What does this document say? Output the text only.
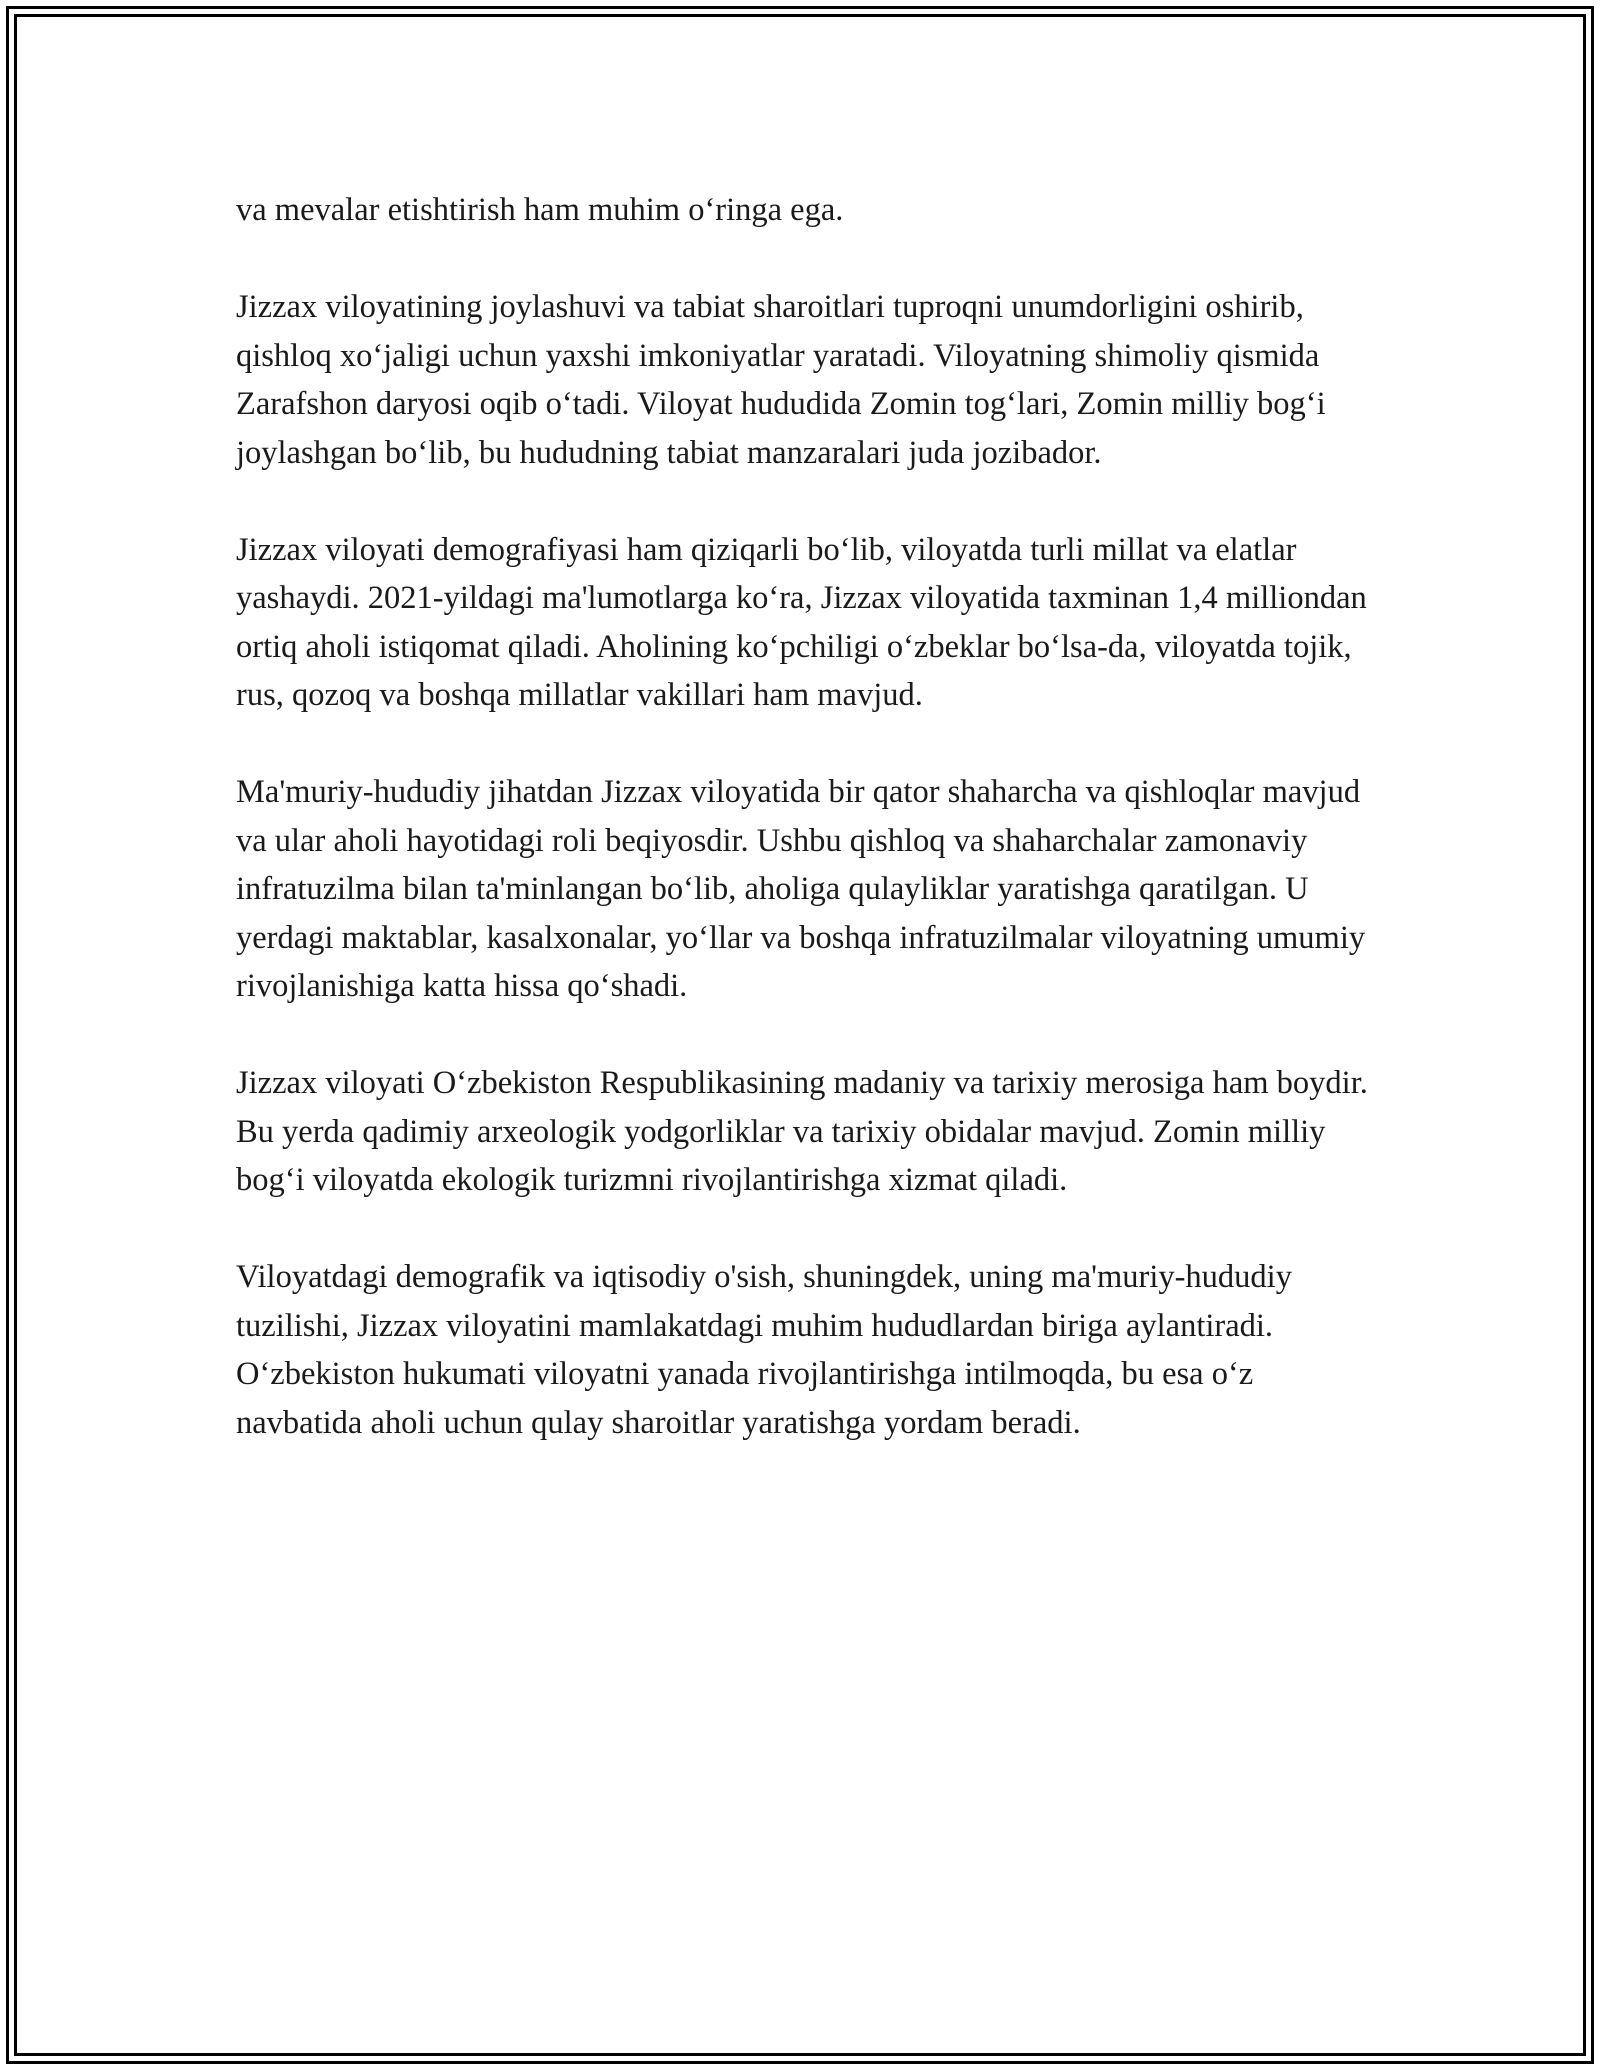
va mevalar etishtirish ham muhim o‘ringa ega.

Jizzax viloyatining joylashuvi va tabiat sharoitlari tuproqni unumdorligini oshirib, qishloq xo‘jaligi uchun yaxshi imkoniyatlar yaratadi. Viloyatning shimoliy qismida Zarafshon daryosi oqib o‘tadi. Viloyat hududida Zomin tog‘lari, Zomin milliy bog‘i joylashgan bo‘lib, bu hududning tabiat manzaralari juda jozibador.

Jizzax viloyati demografiyasi ham qiziqarli bo‘lib, viloyatda turli millat va elatlar yashaydi. 2021-yildagi ma'lumotlarga ko‘ra, Jizzax viloyatida taxminan 1,4 milliondan ortiq aholi istiqomat qiladi. Aholining ko‘pchiligi o‘zbeklar bo‘lsa-da, viloyatda tojik, rus, qozoq va boshqa millatlar vakillari ham mavjud.

Ma'muriy-hududiy jihatdan Jizzax viloyatida bir qator shaharcha va qishloqlar mavjud va ular aholi hayotidagi roli beqiyosdir. Ushbu qishloq va shaharchalar zamonaviy infratuzilma bilan ta'minlangan bo‘lib, aholiga qulayliklar yaratishga qaratilgan. U yerdagi maktablar, kasalxonalar, yo‘llar va boshqa infratuzilmalar viloyatning umumiy rivojlanishiga katta hissa qo‘shadi.

Jizzax viloyati O‘zbekiston Respublikasining madaniy va tarixiy merosiga ham boydir. Bu yerda qadimiy arxeologik yodgorliklar va tarixiy obidalar mavjud. Zomin milliy bog‘i viloyatda ekologik turizmni rivojlantirishga xizmat qiladi.

Viloyatdagi demografik va iqtisodiy o'sish, shuningdek, uning ma'muriy-hududiy tuzilishi, Jizzax viloyatini mamlakatdagi muhim hududlardan biriga aylantiradi. O‘zbekiston hukumati viloyatni yanada rivojlantirishga intilmoqda, bu esa o‘z navbatida aholi uchun qulay sharoitlar yaratishga yordam beradi.
